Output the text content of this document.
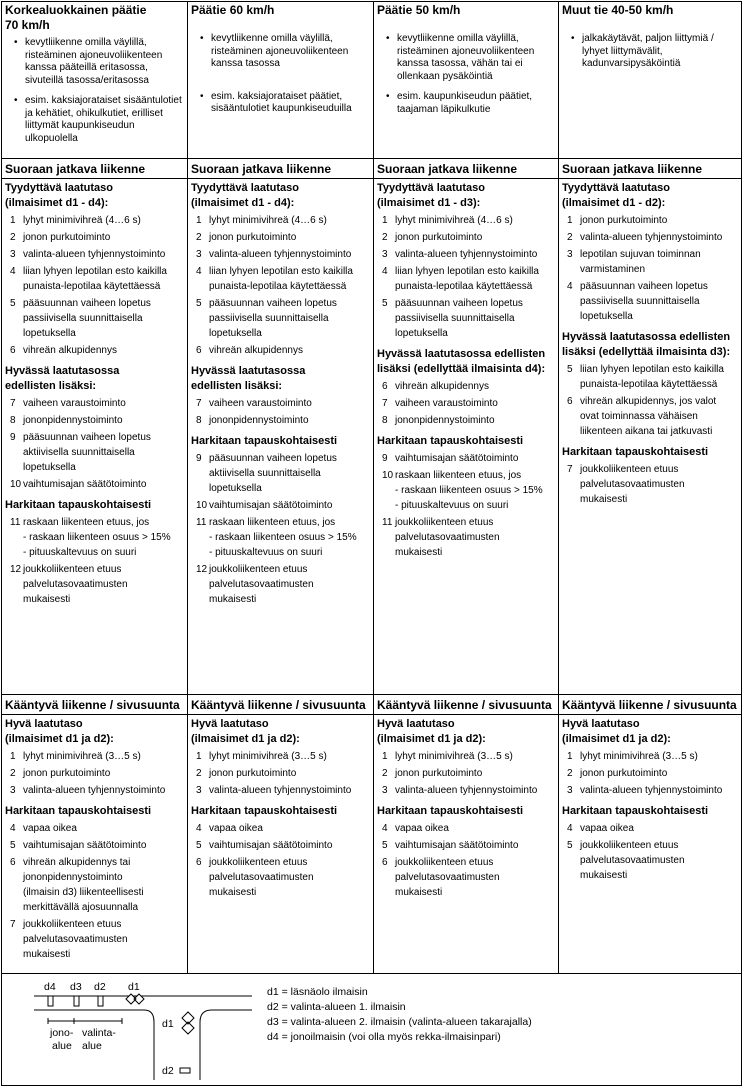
Korkealuokkainen päätie 70 km/h
• kevytliikenne omilla väylillä, risteäminen ajoneuvoliikenteen kanssa pääteillä eritasossa, sivuteillä tasossa/eritasossa
• esim. kaksiajorataiset sisääntulotiet ja kehätiet, ohikulkutiet, erilliset liittymät kaupunkiseudun ulkopuolella
Päätie 60 km/h
• kevytliikenne omilla väylillä, risteäminen ajoneuvoliikenteen kanssa tasossa
• esim. kaksiajorataiset päätiet, sisääntulotiet kaupunkiseuduilla
Päätie 50 km/h
• kevytliikenne omilla väylillä, risteäminen ajoneuvoliikenteen kanssa tasossa, vähän tai ei ollenkaan pysäköintiä
• esim. kaupunkiseudun päätiet, taajaman läpikulkutie
Muut tie 40-50 km/h
• jalkakäytävät, paljon liittymiä / lyhyet liittymävälit, kadunvarsipysäköintiä
Suoraan jatkava liikenne
Tyydyttävä laatutaso
(ilmaisimet d1 - d4):
1 lyhyt minimivihreä (4…6 s)
2 jonon purkutoiminto
3 valinta-alueen tyhjennystoiminto
4 liian lyhyen lepotilan esto kaikilla
punaista-lepotilaa käytettäessä
5 pääsuunnan vaiheen lopetus
passiivisella suunnittaisella
lopetuksella
6 vihreän alkupidennys
Hyvässä laatutasossa
edellisten lisäksi:
7 vaiheen varaustoiminto
8 jononpidennystoiminto
9 pääsuunnan vaiheen lopetus
aktiivisella suunnittaisella
lopetuksella
10 vaihtumisajan säätötoiminto
Harkitaan tapauskohtaisesti
11 raskaan liikenteen etuus, jos
- raskaan liikenteen osuus > 15%
- pituuskaltevuus on suuri
12 joukkoliikenteen etuus
palvelutasovaatimusten
mukaisesti
Suoraan jatkava liikenne
Tyydyttävä laatutaso
(ilmaisimet d1 - d4):
1 lyhyt minimivihreä (4…6 s)
2 jonon purkutoiminto
3 valinta-alueen tyhjennystoiminto
4 liian lyhyen lepotilan esto kaikilla
punaista-lepotilaa käytettäessä
5 pääsuunnan vaiheen lopetus
passiivisella suunnittaisella
lopetuksella
6 vihreän alkupidennys
Hyvässä laatutasossa
edellisten lisäksi:
7 vaiheen varaustoiminto
8 jononpidennystoiminto
Harkitaan tapauskohtaisesti
9 pääsuunnan vaiheen lopetus
aktiivisella suunnittaisella
lopetuksella
10 vaihtumisajan säätötoiminto
11 raskaan liikenteen etuus, jos
- raskaan liikenteen osuus > 15%
- pituuskaltevuus on suuri
12 joukkoliikenteen etuus
palvelutasovaatimusten
mukaisesti
Suoraan jatkava liikenne
Tyydyttävä laatutaso
(ilmaisimet d1 - d3):
1 lyhyt minimivihreä (4…6 s)
2 jonon purkutoiminto
3 valinta-alueen tyhjennystoiminto
4 liian lyhyen lepotilan esto kaikilla
punaista-lepotilaa käytettäessä
5 pääsuunnan vaiheen lopetus
passiivisella suunnittaisella
lopetuksella
Hyvässä laatutasossa edellisten
lisäksi (edellyttää ilmaisinta d4):
6 vihreän alkupidennys
7 vaiheen varaustoiminto
8 jononpidennystoiminto
Harkitaan tapauskohtaisesti
9 vaihtumisajan säätötoiminto
10 raskaan liikenteen etuus, jos
- raskaan liikenteen osuus > 15%
- pituuskaltevuus on suuri
11 joukkoliikenteen etuus
palvelutasovaatimusten
mukaisesti
Suoraan jatkava liikenne
Tyydyttävä laatutaso
(ilmaisimet d1 - d2):
1 jonon purkutoiminto
2 valinta-alueen tyhjennystoiminto
3 lepotilan sujuvan toiminnan
varmistaminen
4 pääsuunnan vaiheen lopetus
passiivisella suunnittaisella
lopetuksella
Hyvässä laatutasossa edellisten
lisäksi (edellyttää ilmaisinta d3):
5 liian lyhyen lepotilan esto kaikilla
punaista-lepotilaa käytettäessä
6 vihreän alkupidennys, jos valot
ovat toiminnassa vähäisen
liikenteen aikana tai jatkuvasti
Harkitaan tapauskohtaisesti
7 joukkoliikenteen etuus
palvelutasovaatimusten
mukaisesti
Kääntyvä liikenne / sivusuunta
Hyvä laatutaso
(ilmaisimet d1 ja d2):
1 lyhyt minimivihreä (3…5 s)
2 jonon purkutoiminto
3 valinta-alueen tyhjennystoiminto
Harkitaan tapauskohtaisesti
4 vapaa oikea
5 vaihtumisajan säätötoiminto
6 vihreän alkupidennys tai
jononpidennystoiminto
(ilmaisin d3) liikenteellisesti
merkittävällä ajosuunnalla
7 joukkoliikenteen etuus
palvelutasovaatimusten
mukaisesti
Kääntyvä liikenne / sivusuunta
Hyvä laatutaso
(ilmaisimet d1 ja d2):
1 lyhyt minimivihreä (3…5 s)
2 jonon purkutoiminto
3 valinta-alueen tyhjennystoiminto
Harkitaan tapauskohtaisesti
4 vapaa oikea
5 vaihtumisajan säätötoiminto
6 joukkoliikenteen etuus
palvelutasovaatimusten
mukaisesti
Kääntyvä liikenne / sivusuunta
Hyvä laatutaso
(ilmaisimet d1 ja d2):
1 lyhyt minimivihreä (3…5 s)
2 jonon purkutoiminto
3 valinta-alueen tyhjennystoiminto
Harkitaan tapauskohtaisesti
4 vapaa oikea
5 vaihtumisajan säätötoiminto
6 joukkoliikenteen etuus
palvelutasovaatimusten
mukaisesti
Kääntyvä liikenne / sivusuunta
Hyvä laatutaso
(ilmaisimet d1 ja d2):
1 lyhyt minimivihreä (3…5 s)
2 jonon purkutoiminto
3 valinta-alueen tyhjennystoiminto
Harkitaan tapauskohtaisesti
4 vapaa oikea
5 joukkoliikenteen etuus
palvelutasovaatimusten
mukaisesti
d4 d3 d2 d1
jono-alue
valinta-alue
d1
d2
d1 = läsnäolo ilmaisin
d2 = valinta-alueen 1. ilmaisin
d3 = valinta-alueen 2. ilmaisin (valinta-alueen takarajalla)
d4 = jonoilmaisin (voi olla myös rekka-ilmaisinpari)
